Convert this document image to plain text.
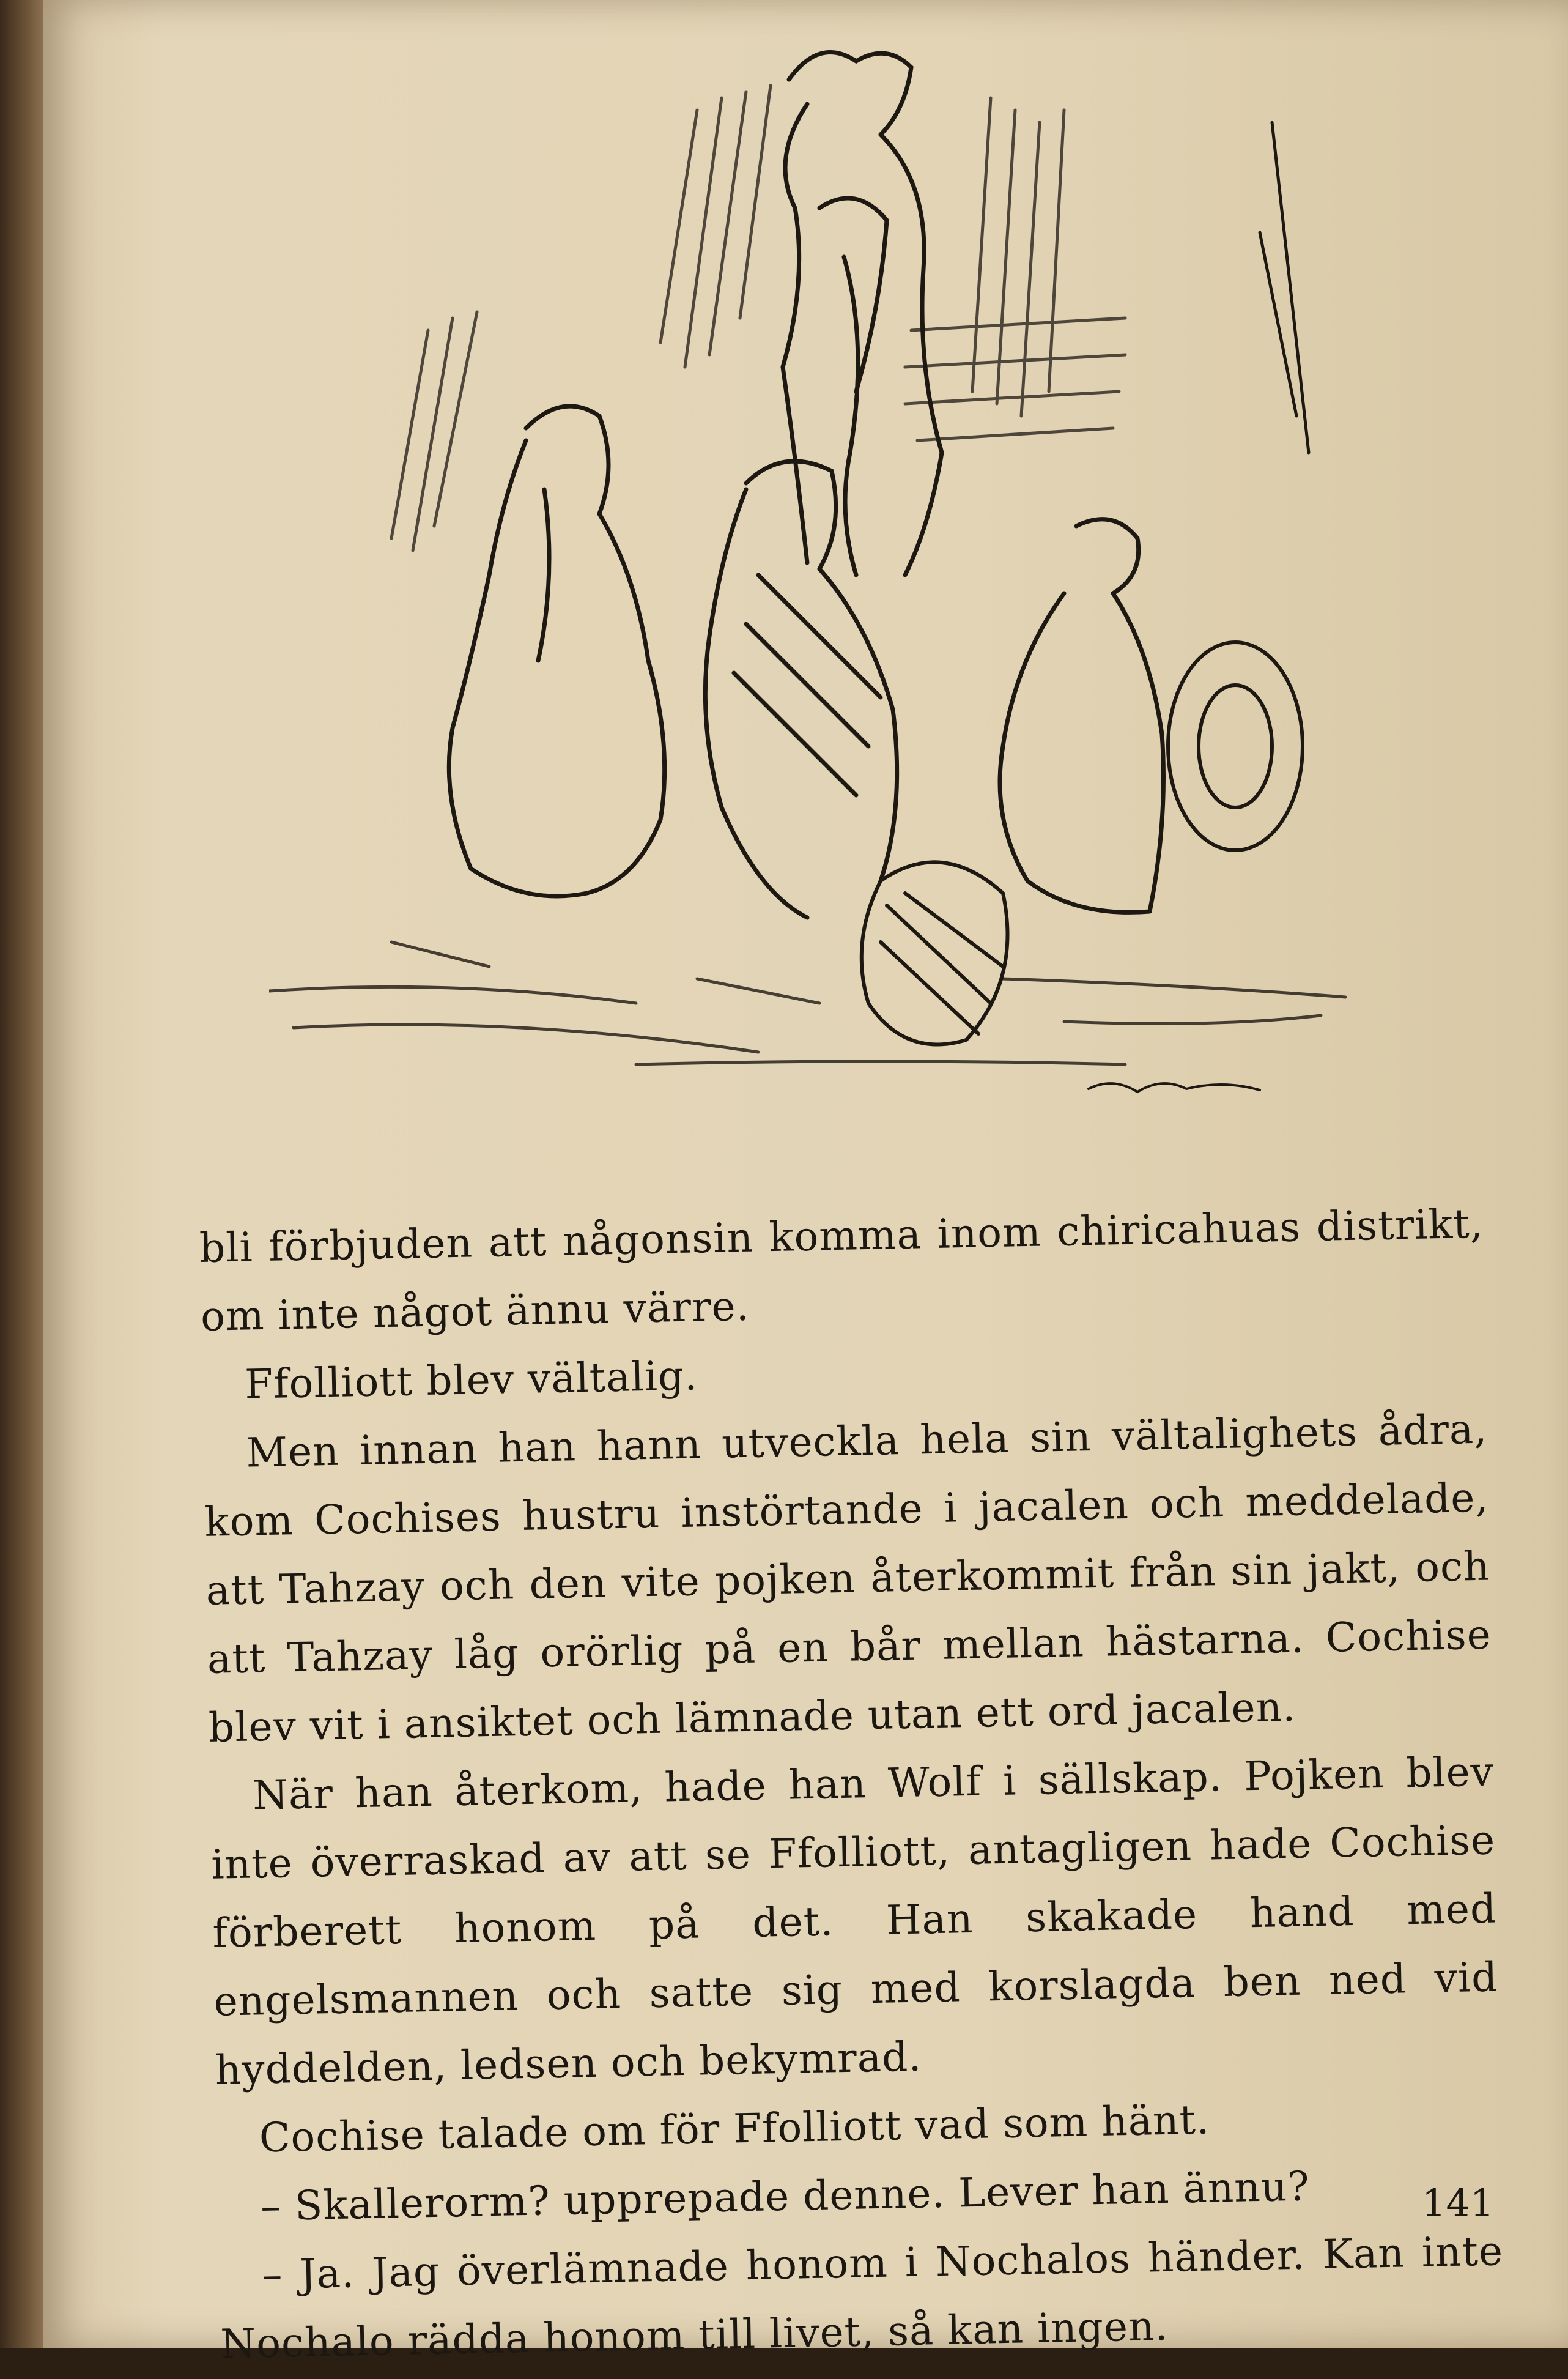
bli förbjuden att någonsin komma inom chiricahuas distrikt, om inte något ännu värre.

Ffolliott blev vältalig.

Men innan han hann utveckla hela sin vältalighets ådra, kom Cochises hustru instörtande i jacalen och meddelade, att Tahzay och den vite pojken återkommit från sin jakt, och att Tahzay låg orörlig på en bår mellan hästarna. Cochise blev vit i ansiktet och lämnade utan ett ord jacalen.

När han återkom, hade han Wolf i sällskap. Pojken blev inte överraskad av att se Ffolliott, antagligen hade Cochise förberett honom på det. Han skakade hand med engelsmannen och satte sig med korslagda ben ned vid hyddelden, ledsen och bekymrad.

Cochise talade om för Ffolliott vad som hänt.

– Skallerorm? upprepade denne. Lever han ännu?

– Ja. Jag överlämnade honom i Nochalos händer. Kan inte Nochalo rädda honom till livet, så kan ingen.

141
